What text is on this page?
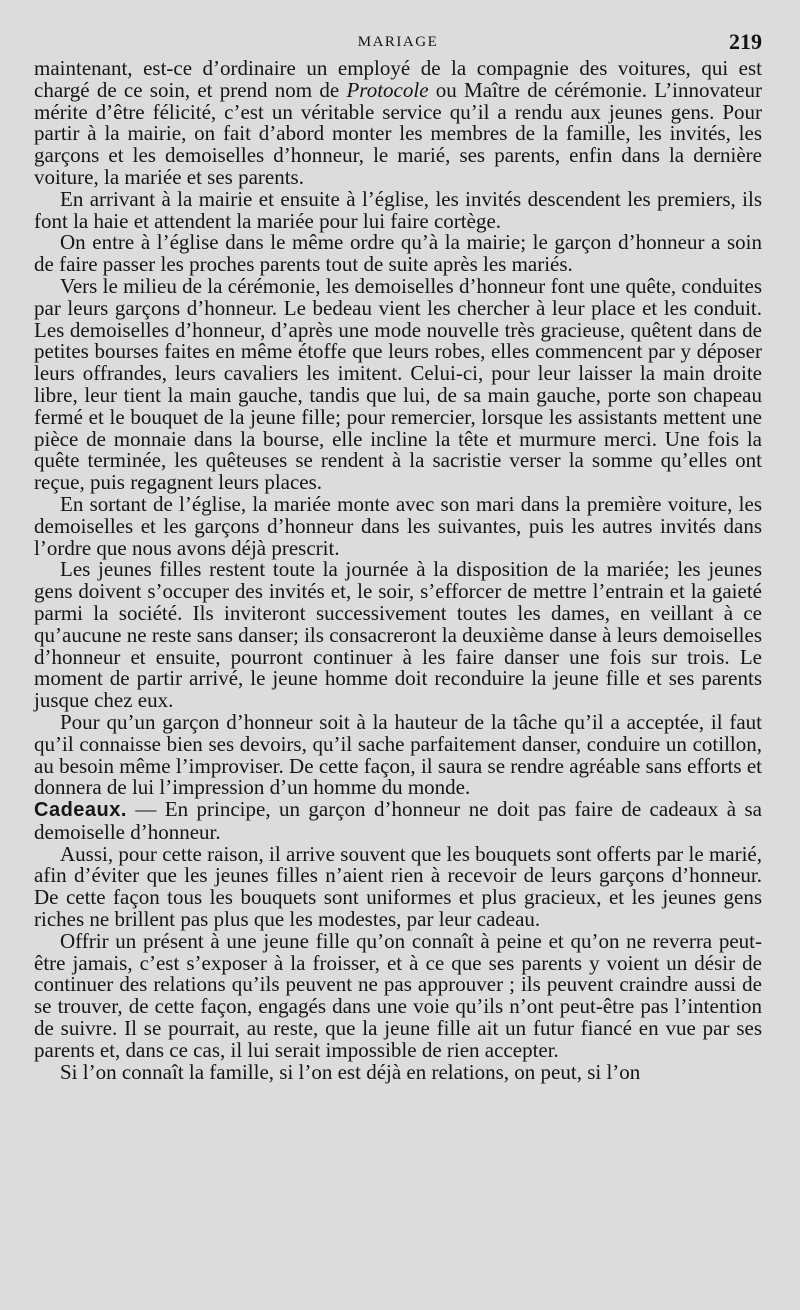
MARIAGE	219

maintenant, est-ce d’ordinaire un employé de la compagnie des voitures, qui est chargé de ce soin, et prend nom de Protocole ou Maître de cérémonie. L’innovateur mérite d’être félicité, c’est un véritable service qu’il a rendu aux jeunes gens. Pour partir à la mairie, on fait d’abord monter les membres de la famille, les invités, les garçons et les demoiselles d’honneur, le marié, ses parents, enfin dans la dernière voiture, la mariée et ses parents.

En arrivant à la mairie et ensuite à l’église, les invités descendent les premiers, ils font la haie et attendent la mariée pour lui faire cortège.

On entre à l’église dans le même ordre qu’à la mairie; le garçon d’honneur a soin de faire passer les proches parents tout de suite après les mariés.

Vers le milieu de la cérémonie, les demoiselles d’honneur font une quête, conduites par leurs garçons d’honneur. Le bedeau vient les chercher à leur place et les conduit. Les demoiselles d’honneur, d’après une mode nouvelle très gracieuse, quêtent dans de petites bourses faites en même étoffe que leurs robes, elles commencent par y déposer leurs offrandes, leurs cavaliers les imitent. Celui-ci, pour leur laisser la main droite libre, leur tient la main gauche, tandis que lui, de sa main gauche, porte son chapeau fermé et le bouquet de la jeune fille; pour remercier, lorsque les assistants mettent une pièce de monnaie dans la bourse, elle incline la tête et murmure merci. Une fois la quête terminée, les quêteuses se rendent à la sacristie verser la somme qu’elles ont reçue, puis regagnent leurs places.

En sortant de l’église, la mariée monte avec son mari dans la première voiture, les demoiselles et les garçons d’honneur dans les suivantes, puis les autres invités dans l’ordre que nous avons déjà prescrit.

Les jeunes filles restent toute la journée à la disposition de la mariée; les jeunes gens doivent s’occuper des invités et, le soir, s’efforcer de mettre l’entrain et la gaieté parmi la société. Ils inviteront successivement toutes les dames, en veillant à ce qu’aucune ne reste sans danser; ils consacreront la deuxième danse à leurs demoiselles d’honneur et ensuite, pourront continuer à les faire danser une fois sur trois. Le moment de partir arrivé, le jeune homme doit reconduire la jeune fille et ses parents jusque chez eux.

Pour qu’un garçon d’honneur soit à la hauteur de la tâche qu’il a acceptée, il faut qu’il connaisse bien ses devoirs, qu’il sache parfaitement danser, conduire un cotillon, au besoin même l’improviser. De cette façon, il saura se rendre agréable sans efforts et donnera de lui l’impression d’un homme du monde.

Cadeaux. — En principe, un garçon d’honneur ne doit pas faire de cadeaux à sa demoiselle d’honneur.

Aussi, pour cette raison, il arrive souvent que les bouquets sont offerts par le marié, afin d’éviter que les jeunes filles n’aient rien à recevoir de leurs garçons d’honneur. De cette façon tous les bouquets sont uniformes et plus gracieux, et les jeunes gens riches ne brillent pas plus que les modestes, par leur cadeau.

Offrir un présent à une jeune fille qu’on connaît à peine et qu’on ne reverra peut-être jamais, c’est s’exposer à la froisser, et à ce que ses parents y voient un désir de continuer des relations qu’ils peuvent ne pas approuver ; ils peuvent craindre aussi de se trouver, de cette façon, engagés dans une voie qu’ils n’ont peut-être pas l’intention de suivre. Il se pourrait, au reste, que la jeune fille ait un futur fiancé en vue par ses parents et, dans ce cas, il lui serait impossible de rien accepter.

Si l’on connaît la famille, si l’on est déjà en relations, on peut, si l’on
